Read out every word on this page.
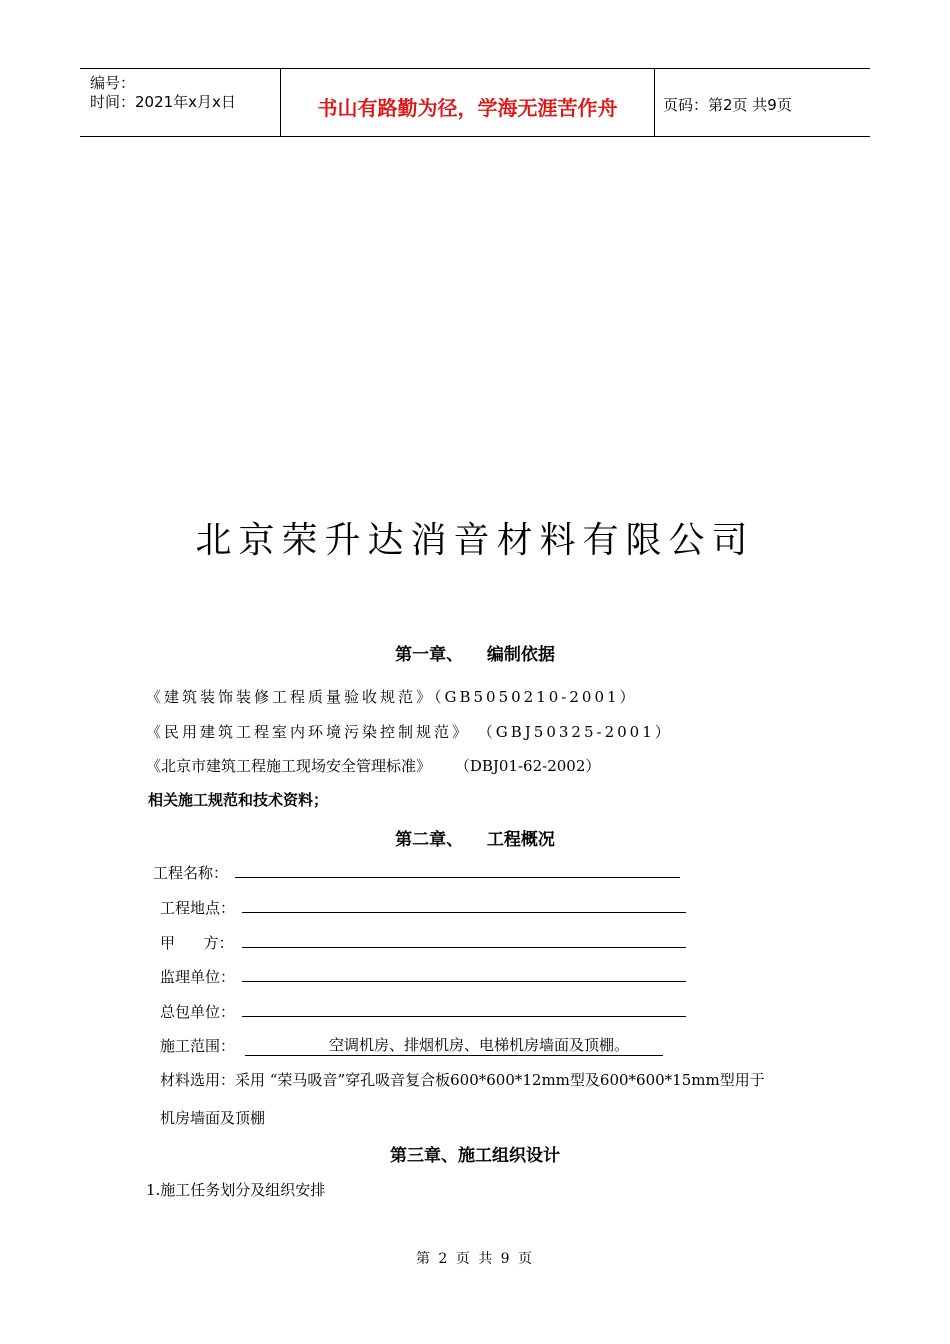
编号：
时间：2021年x月x日	书山有路勤为径，学海无涯苦作舟	页码：第2页 共9页
北京荣升达消音材料有限公司
第一章、    编制依据
《建筑装饰装修工程质量验收规范》（GB5050210-2001）
《民用建筑工程室内环境污染控制规范》 （GBJ50325-2001）
《北京市建筑工程施工现场安全管理标准》     （DBJ01-62-2002）
相关施工规范和技术资料；
第二章、    工程概况
工程名称：
工程地点：
甲      方：
监理单位：
总包单位：
施工范围：	空调机房、排烟机房、电梯机房墙面及顶棚。
材料选用：采用 “荣马吸音”穿孔吸音复合板600*600*12mm型及600*600*15mm型用于
机房墙面及顶棚
第三章、施工组织设计
1.施工任务划分及组织安排
第 2 页 共 9 页
